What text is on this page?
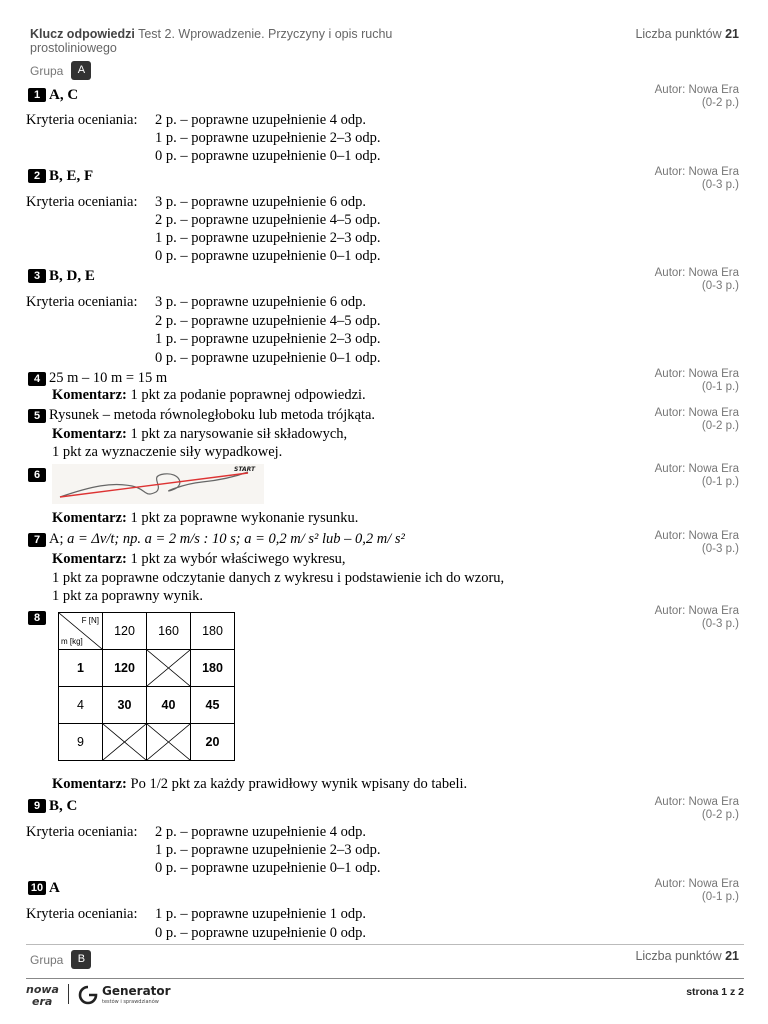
Klucz odpowiedzi Test 2. Wprowadzenie. Przyczyny i opis ruchu prostoliniowego
Liczba punktów 21
Grupa	A
1 A, C	Autor: Nowa Era
(0-2 p.)
Kryteria oceniania: 2 p. – poprawne uzupełnienie 4 odp.
1 p. – poprawne uzupełnienie 2–3 odp.
0 p. – poprawne uzupełnienie 0–1 odp.
2 B, E, F	Autor: Nowa Era
(0-3 p.)
Kryteria oceniania: 3 p. – poprawne uzupełnienie 6 odp.
2 p. – poprawne uzupełnienie 4–5 odp.
1 p. – poprawne uzupełnienie 2–3 odp.
0 p. – poprawne uzupełnienie 0–1 odp.
3 B, D, E	Autor: Nowa Era
(0-3 p.)
Kryteria oceniania: 3 p. – poprawne uzupełnienie 6 odp.
2 p. – poprawne uzupełnienie 4–5 odp.
1 p. – poprawne uzupełnienie 2–3 odp.
0 p. – poprawne uzupełnienie 0–1 odp.
4 25 m – 10 m = 15 m	Autor: Nowa Era
(0-1 p.)
Komentarz: 1 pkt za podanie poprawnej odpowiedzi.
5 Rysunek – metoda równoległoboku lub metoda trójkąta.	Autor: Nowa Era
(0-2 p.)
Komentarz: 1 pkt za narysowanie sił składowych,
1 pkt za wyznaczenie siły wypadkowej.
6
Autor: Nowa Era
(0-1 p.)
START
Komentarz: 1 pkt za poprawne wykonanie rysunku.
7 A; a = Δv/t; np. a = 2 m/s : 10 s; a = 0,2 m/ s² lub – 0,2 m/ s²	Autor: Nowa Era
(0-3 p.)
Komentarz: 1 pkt za wybór właściwego wykresu,
1 pkt za poprawne odczytanie danych z wykresu i podstawienie ich do wzoru,
1 pkt za poprawny wynik.
8
Autor: Nowa Era
(0-3 p.)
F [N]
m [kg]	120	160	180
1	120		180
4	30	40	45
9			20
Komentarz: Po 1/2 pkt za każdy prawidłowy wynik wpisany do tabeli.
9 B, C	Autor: Nowa Era
(0-2 p.)
Kryteria oceniania: 2 p. – poprawne uzupełnienie 4 odp.
1 p. – poprawne uzupełnienie 2–3 odp.
0 p. – poprawne uzupełnienie 0–1 odp.
10 A	Autor: Nowa Era
(0-1 p.)
Kryteria oceniania: 1 p. – poprawne uzupełnienie 1 odp.
0 p. – poprawne uzupełnienie 0 odp.
Grupa	B	Liczba punktów 21
nowa
era
Generator
testów i sprawdzianów
strona 1 z 2
